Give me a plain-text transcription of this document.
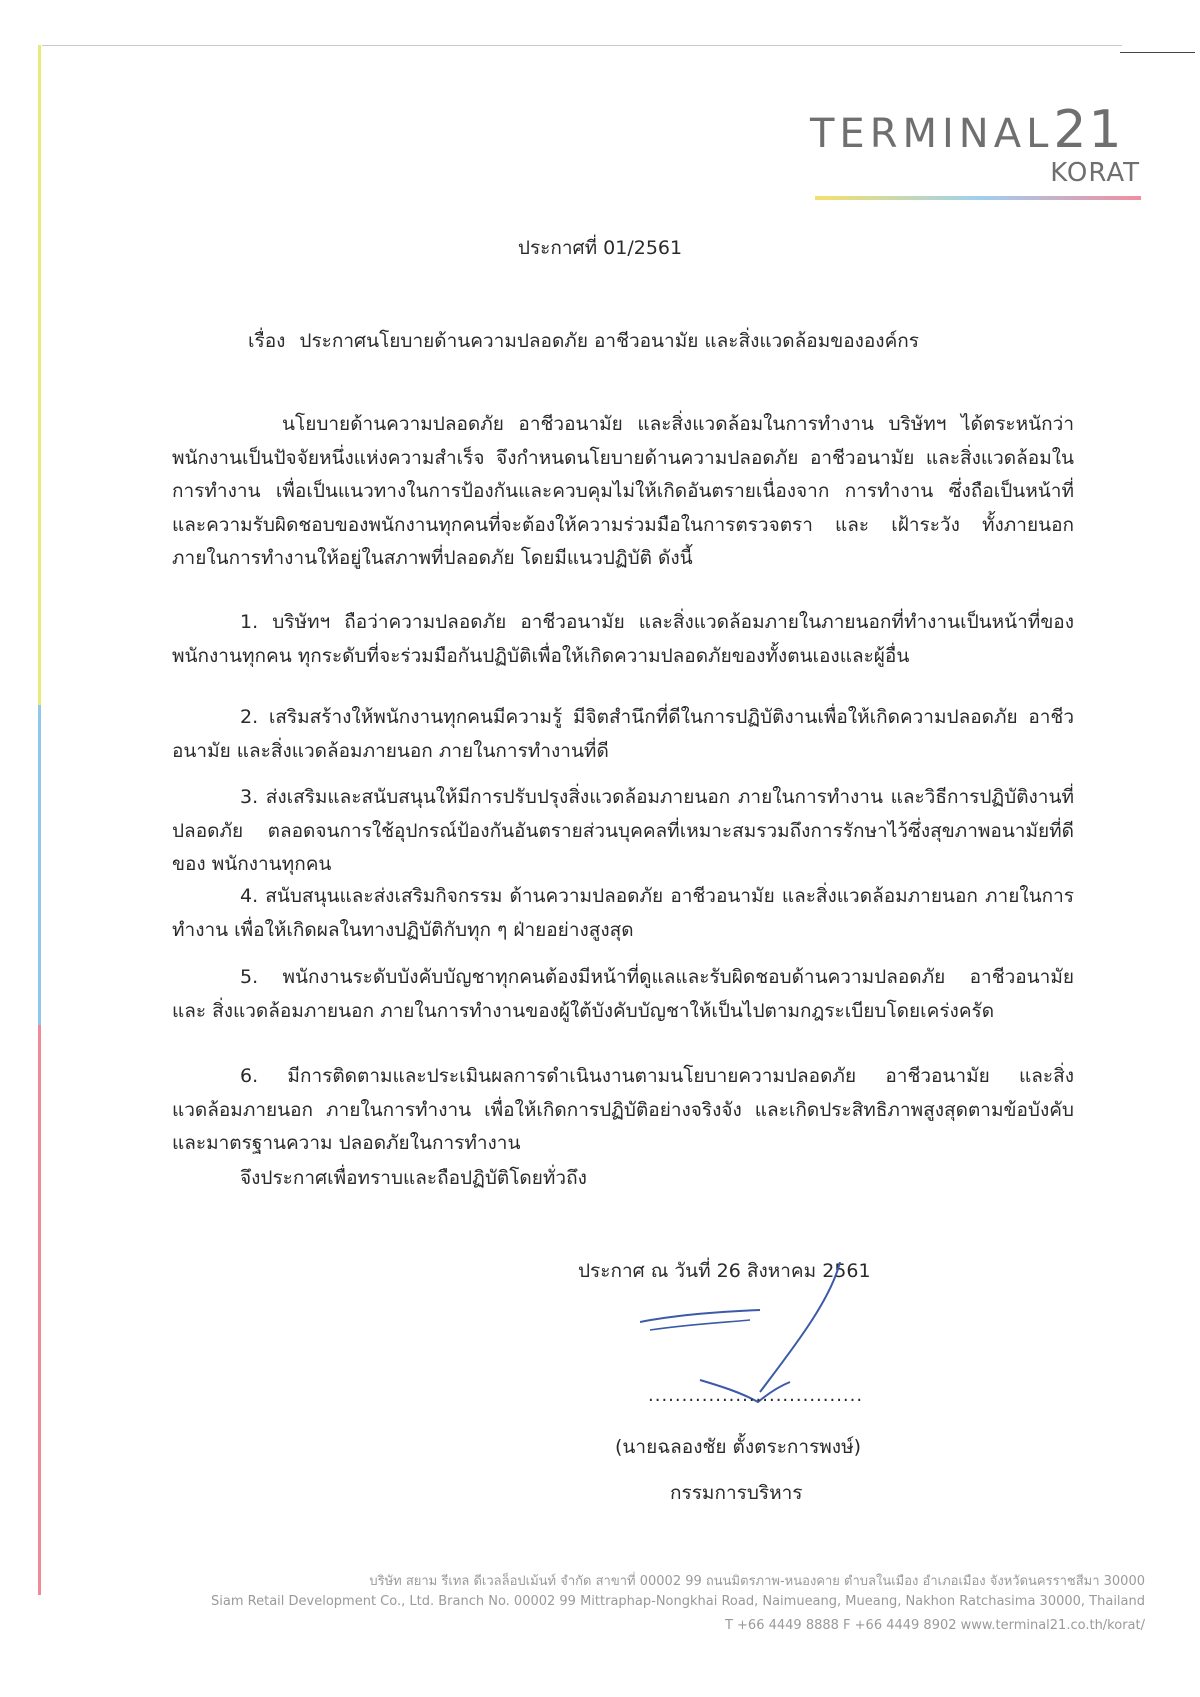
TERMINAL21
KORAT
ประกาศที่ 01/2561
เรื่อง ประกาศนโยบายด้านความปลอดภัย อาชีวอนามัย และสิ่งแวดล้อมขององค์กร
นโยบายด้านความปลอดภัย อาชีวอนามัย และสิ่งแวดล้อมในการทำงาน บริษัทฯ ได้ตระหนักว่าพนักงานเป็นปัจจัยหนึ่งแห่งความสำเร็จ จึงกำหนดนโยบายด้านความปลอดภัย อาชีวอนามัย และสิ่งแวดล้อมในการทำงาน เพื่อเป็นแนวทางในการป้องกันและควบคุมไม่ให้เกิดอันตรายเนื่องจาก การทำงาน ซึ่งถือเป็นหน้าที่และความรับผิดชอบของพนักงานทุกคนที่จะต้องให้ความร่วมมือในการตรวจตรา และ เฝ้าระวัง ทั้งภายนอก ภายในการทำงานให้อยู่ในสภาพที่ปลอดภัย โดยมีแนวปฏิบัติ ดังนี้
1. บริษัทฯ ถือว่าความปลอดภัย อาชีวอนามัย และสิ่งแวดล้อมภายในภายนอกที่ทำงานเป็นหน้าที่ของพนักงานทุกคน ทุกระดับที่จะร่วมมือกันปฏิบัติเพื่อให้เกิดความปลอดภัยของทั้งตนเองและผู้อื่น
2. เสริมสร้างให้พนักงานทุกคนมีความรู้ มีจิตสำนึกที่ดีในการปฏิบัติงานเพื่อให้เกิดความปลอดภัย อาชีวอนามัย และสิ่งแวดล้อมภายนอก ภายในการทำงานที่ดี
3. ส่งเสริมและสนับสนุนให้มีการปรับปรุงสิ่งแวดล้อมภายนอก ภายในการทำงาน และวิธีการปฏิบัติงานที่ปลอดภัย ตลอดจนการใช้อุปกรณ์ป้องกันอันตรายส่วนบุคคลที่เหมาะสมรวมถึงการรักษาไว้ซึ่งสุขภาพอนามัยที่ดีของ พนักงานทุกคน
4. สนับสนุนและส่งเสริมกิจกรรม ด้านความปลอดภัย อาชีวอนามัย และสิ่งแวดล้อมภายนอก ภายในการทำงาน เพื่อให้เกิดผลในทางปฏิบัติกับทุก ๆ ฝ่ายอย่างสูงสุด
5. พนักงานระดับบังคับบัญชาทุกคนต้องมีหน้าที่ดูแลและรับผิดชอบด้านความปลอดภัย อาชีวอนามัย และ สิ่งแวดล้อมภายนอก ภายในการทำงานของผู้ใต้บังคับบัญชาให้เป็นไปตามกฎระเบียบโดยเคร่งครัด
6. มีการติดตามและประเมินผลการดำเนินงานตามนโยบายความปลอดภัย อาชีวอนามัย และสิ่งแวดล้อมภายนอก ภายในการทำงาน เพื่อให้เกิดการปฏิบัติอย่างจริงจัง และเกิดประสิทธิภาพสูงสุดตามข้อบังคับ และมาตรฐานความ ปลอดภัยในการทำงาน
จึงประกาศเพื่อทราบและถือปฏิบัติโดยทั่วถึง
ประกาศ ณ วันที่ 26 สิงหาคม 2561
................................
(นายฉลองชัย ตั้งตระการพงษ์)
กรรมการบริหาร
บริษัท สยาม รีเทล ดีเวลล็อปเม้นท์ จำกัด สาขาที่ 00002 99 ถนนมิตรภาพ-หนองคาย ตำบลในเมือง อำเภอเมือง จังหวัดนครราชสีมา 30000
Siam Retail Development Co., Ltd. Branch No. 00002 99 Mittraphap-Nongkhai Road, Naimueang, Mueang, Nakhon Ratchasima 30000, Thailand
T +66 4449 8888 F +66 4449 8902 www.terminal21.co.th/korat/
